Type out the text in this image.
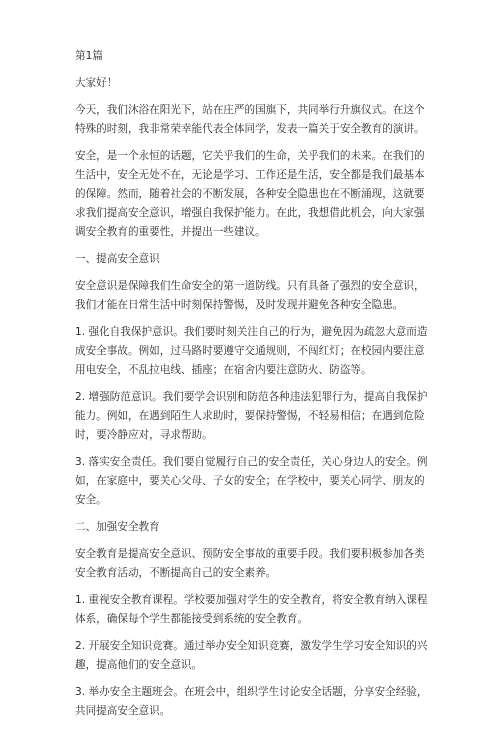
第1篇

大家好！

今天，我们沐浴在阳光下，站在庄严的国旗下，共同举行升旗仪式。在这个特殊的时刻，我非常荣幸能代表全体同学，发表一篇关于安全教育的演讲。

安全，是一个永恒的话题，它关乎我们的生命，关乎我们的未来。在我们的生活中，安全无处不在，无论是学习、工作还是生活，安全都是我们最基本的保障。然而，随着社会的不断发展，各种安全隐患也在不断涌现，这就要求我们提高安全意识，增强自我保护能力。在此，我想借此机会，向大家强调安全教育的重要性，并提出一些建议。

一、提高安全意识

安全意识是保障我们生命安全的第一道防线。只有具备了强烈的安全意识，我们才能在日常生活中时刻保持警惕，及时发现并避免各种安全隐患。

1. 强化自我保护意识。我们要时刻关注自己的行为，避免因为疏忽大意而造成安全事故。例如，过马路时要遵守交通规则，不闯红灯；在校园内要注意用电安全，不乱拉电线、插座；在宿舍内要注意防火、防盗等。

2. 增强防范意识。我们要学会识别和防范各种违法犯罪行为，提高自我保护能力。例如，在遇到陌生人求助时，要保持警惕，不轻易相信；在遇到危险时，要冷静应对，寻求帮助。

3. 落实安全责任。我们要自觉履行自己的安全责任，关心身边人的安全。例如，在家庭中，要关心父母、子女的安全；在学校中，要关心同学、朋友的安全。

二、加强安全教育

安全教育是提高安全意识、预防安全事故的重要手段。我们要积极参加各类安全教育活动，不断提高自己的安全素养。

1. 重视安全教育课程。学校要加强对学生的安全教育，将安全教育纳入课程体系，确保每个学生都能接受到系统的安全教育。

2. 开展安全知识竞赛。通过举办安全知识竞赛，激发学生学习安全知识的兴趣，提高他们的安全意识。

3. 举办安全主题班会。在班会中，组织学生讨论安全话题，分享安全经验，共同提高安全意识。
